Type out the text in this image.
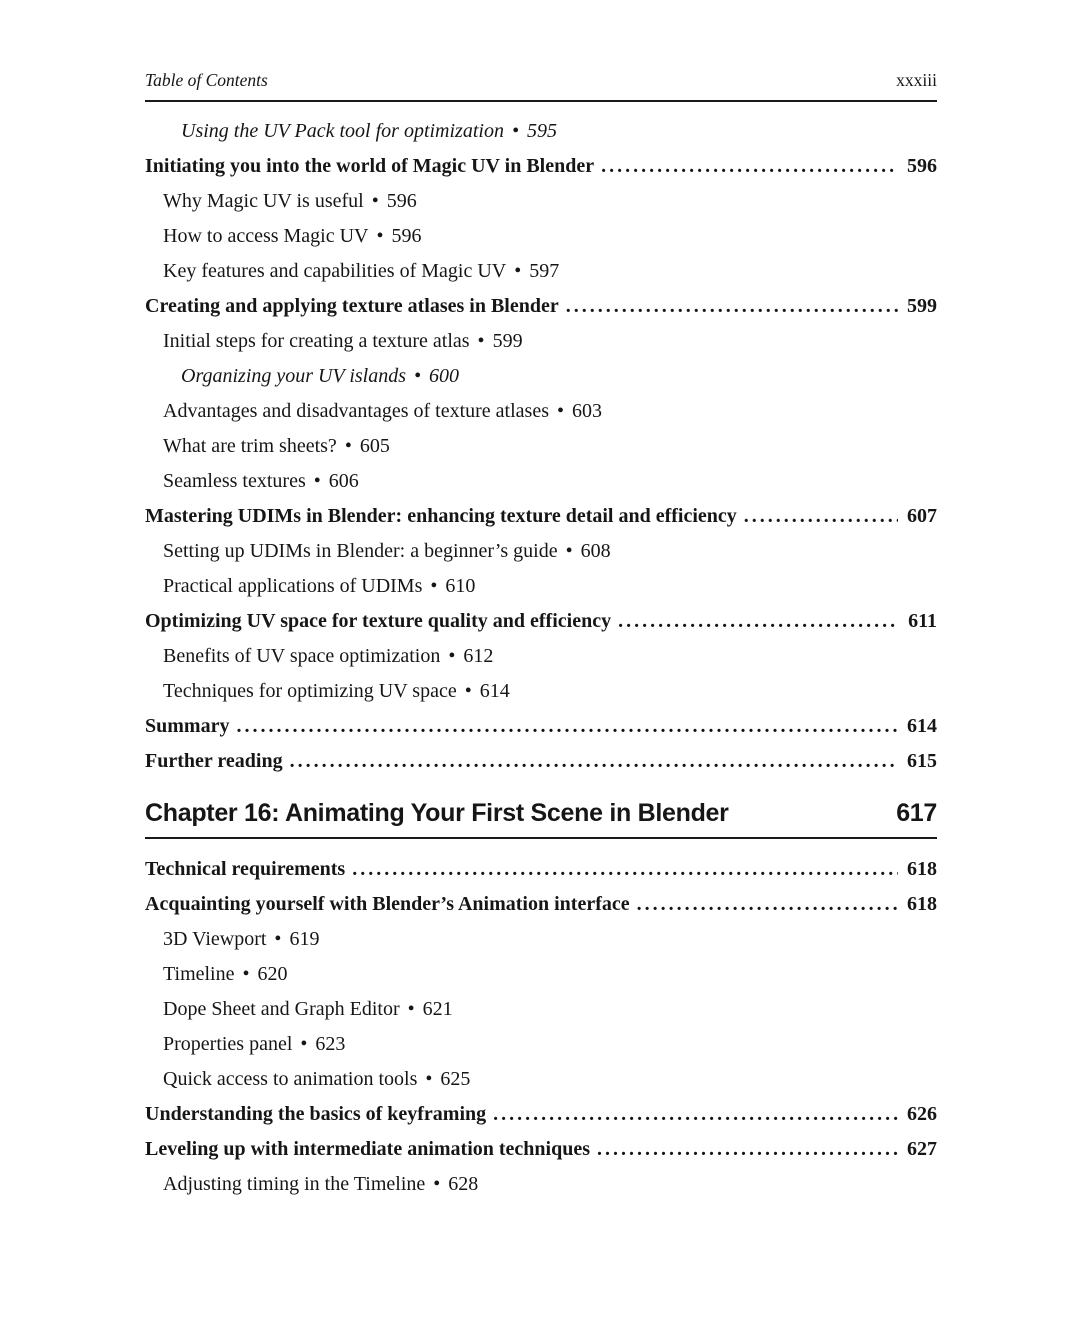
Table of Contents	xxxiii
Using the UV Pack tool for optimization • 595
Initiating you into the world of Magic UV in Blender .....	596
Why Magic UV is useful • 596
How to access Magic UV • 596
Key features and capabilities of Magic UV • 597
Creating and applying texture atlases in Blender .....	599
Initial steps for creating a texture atlas • 599
Organizing your UV islands • 600
Advantages and disadvantages of texture atlases • 603
What are trim sheets? • 605
Seamless textures • 606
Mastering UDIMs in Blender: enhancing texture detail and efficiency .....	607
Setting up UDIMs in Blender: a beginner’s guide • 608
Practical applications of UDIMs • 610
Optimizing UV space for texture quality and efficiency .....	611
Benefits of UV space optimization • 612
Techniques for optimizing UV space • 614
Summary .....	614
Further reading .....	615
Chapter 16: Animating Your First Scene in Blender	617
Technical requirements .....	618
Acquainting yourself with Blender’s Animation interface .....	618
3D Viewport • 619
Timeline • 620
Dope Sheet and Graph Editor • 621
Properties panel • 623
Quick access to animation tools • 625
Understanding the basics of keyframing .....	626
Leveling up with intermediate animation techniques .....	627
Adjusting timing in the Timeline • 628
